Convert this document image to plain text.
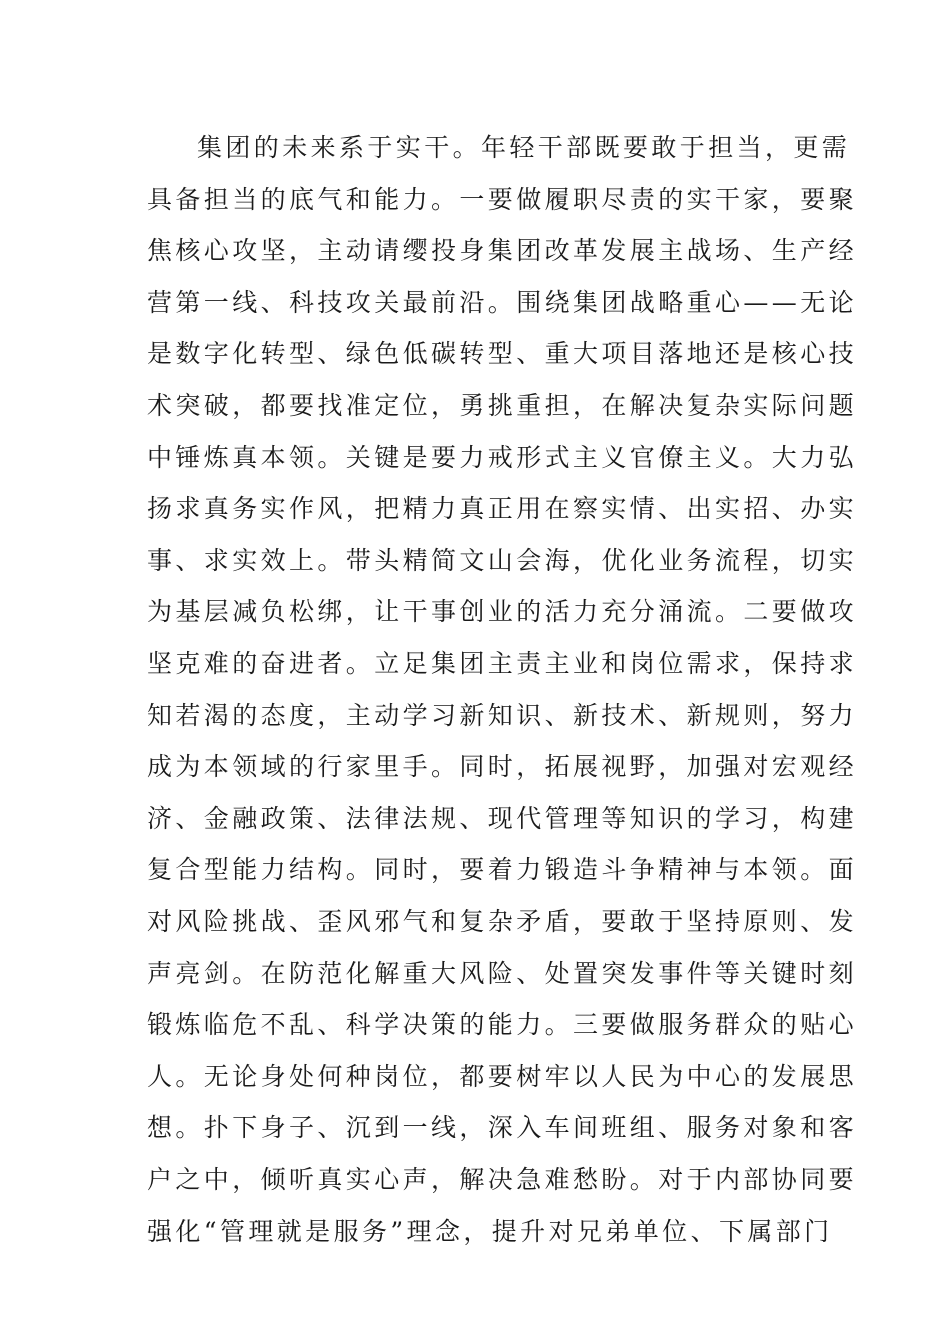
集团的未来系于实干。年轻干部既要敢于担当，更需
具备担当的底气和能力。一要做履职尽责的实干家，要聚
焦核心攻坚，主动请缨投身集团改革发展主战场、生产经
营第一线、科技攻关最前沿。围绕集团战略重心——无论
是数字化转型、绿色低碳转型、重大项目落地还是核心技
术突破，都要找准定位，勇挑重担，在解决复杂实际问题
中锤炼真本领。关键是要力戒形式主义官僚主义。大力弘
扬求真务实作风，把精力真正用在察实情、出实招、办实
事、求实效上。带头精简文山会海，优化业务流程，切实
为基层减负松绑，让干事创业的活力充分涌流。二要做攻
坚克难的奋进者。立足集团主责主业和岗位需求，保持求
知若渴的态度，主动学习新知识、新技术、新规则，努力
成为本领域的行家里手。同时，拓展视野，加强对宏观经
济、金融政策、法律法规、现代管理等知识的学习，构建
复合型能力结构。同时，要着力锻造斗争精神与本领。面
对风险挑战、歪风邪气和复杂矛盾，要敢于坚持原则、发
声亮剑。在防范化解重大风险、处置突发事件等关键时刻
锻炼临危不乱、科学决策的能力。三要做服务群众的贴心
人。无论身处何种岗位，都要树牢以人民为中心的发展思
想。扑下身子、沉到一线，深入车间班组、服务对象和客
户之中，倾听真实心声，解决急难愁盼。对于内部协同要
强化“管理就是服务”理念，提升对兄弟单位、下属部门
